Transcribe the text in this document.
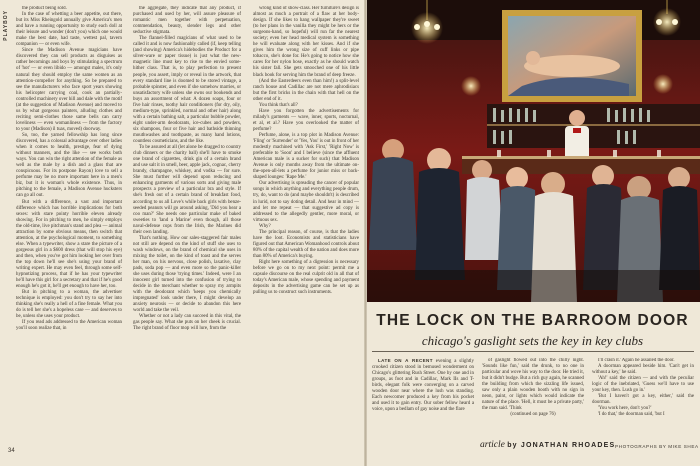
PLAYBOY

the product being sold.

In the case of whetting a beer appetite, out there, but its Miss Rheingold annually give America's men and have a running opportunity to study each doll at their leisure and wonder (don't you) which one would make the best date, had taste, wettest pal, tavern companion — or even wife.

Since the Madison Avenue magicians have discovered they can sell products as disguises as rather becomings and boys by stimulating a spectrum of 'hot' — or even libido — amongst males, it's only natural they should employ the same women as an attention-compeller for anything. So be prepared to see the manufacturers who face sport years showing his helicopter carrying coal, cook an partially-controlled machinery over hill and dale with the motif (at the suggestion of Madison Avenue) and moved to us by what gorgeous painters, alluding clothes and reciting semi-clothes those same bells can carry loveliness — even womanliness — from the factory to your (Madison) il tuas, moved) doorway.

So, too, the yarned fellowship has long since discovered, has a colossal advantage over other ladies when it comes to health, prestige, fear of dying without manners, and the like — see works both ways. You can win the right attention of the female as well as the male by a dish and a glass that are conspicuous. For its postpone Rayon) love to sell a perfume may be no more important here in a men's biz, but it is woman's whole existence. Thus, in pitching to the female, a Madison Avenue hucksters can go all out.

But with a difference, a vast and important difference which has horrible implications for both sexes: with stare pointy horrible eleven already showing. For in pitching to men, he simply employs the old-time, live pitchman's stand and plea — animal attraction by some obvious means, then switch that attention, at the psychological moment, to something else. When a typewriter, show a stare the picture of a gorgeous girl in a $600 dress (that will stop his eye) and then, when you've got him looking her over from the top down he'll see she's using your brand of writing expert. He may even feel, through some self-hypnotizing process, that if he has your typewriter he'll have this girl for a secretary and that if he's good enough he's got it, he'll get enough to have her, too.

But in pitching to a woman, the advertiser technique is employed: you don't try to say her into thinking she's really a hell of a fine female. What you do is tell her she's a hopeless case — and deserves to be, unless she uses your product.

If you read ads addressed to the American woman you'll soon realize that, in

the aggregate, they indicate that any product, if purchased and used by her, will assure pleasure of romantic men together with perpetuation, commendation, beauty, slender legs and other seductive stigmata.

The flannel-filled magicians of what used to be called it and is now fashionably called (if, keep telling (and showing) America's hidebodies the Product for a silver-ware or paper tissue) is just what the new-magnetic line must key to rise to the envied some-hither class. That is, to play perfection to present people, you assert, imply or reveal in the artwork, that every standard line is doomed to be stored vintage, a probable spinster, and even if she somehow marries, or unsatisfactory wife unless she owns our bookends and buys an assortment of what: A dozen soaps, four or five hair rinses, toothy hair conditioners (for dry, oily, medium-type, sprinkled, normal and other hair) along with a certain bathing salt, a particular bubble powder, eight under-arm deodorants, ice-cubes and powders, six shampoos, four or five hair and bathside thinning mouthwashes and toothpaste, as many hand lotions, countless cosmeticians, and the like.

To be assured at all (let alone be dragged to country club dinners or the charity ball) she'll have to smoke one brand of cigarettes, drink gin of a certain brand and use salt it in smell, beer, apple jack, cognac, cherry brandy, champagne, whiskey, and vodka — for sure. She must further will depend upon reducing and enhancing garments of various sorts and giving male prospects a preview of a particular bra and style. If she's fresh out of a certain brand of breakfast food, according to us all Love's while back girls with benze-seeded peanuts will go around asking, 'Did you hear a coo man?' She needs one particular make of baked sweeties to 'land a Marine' even though, all those naval-defense cops from the Irish, the Marines did their own landing.

That's nothing. How our sales-staggered fair males not still are depend on the kind of stuff she uses to wash windows, on the brand of chemical she uses in mixing the toilet, on the kind of toast and the serves her man, on his nervous, close polish, laxative, clay pads, soda pop — and even more so the panic-killer she uses during those 'trying times.' Indeed, were I an innocent girl turned into the confusion of trying to decide in the merchant whether to spray my armpits with the deodorant which 'keeps you chemically impregnated' look under there, I might develop an anxiety neurosis — or decide to abandon this here world and take the veil.

Whether or not a lady can succeed in this vital, the gas people say. What she puts on her cheek is crucial. The right brand of floor mop will lure, from the

wrong kind of show-class. Her furniture's design is almost as much a portrait of a flaw at her body-design. If she likes to hang wallpaper they're sweet (to her plans in the vanilla they might be hers or the surgeons-hand, so hopeful) will run far the nearest society; even her head medical system is something he will evaluate along with her kisses. And if she gives him the wrong size of cuff links or pipe tobacco, she's done for. He's going to notice how she cares for her nylon hose, exactly as he should watch his sister fall. She gets smooched one of his little black book for serving him the brand of deep freeze.

(And the Easterdeers even than him!) a split-level ranch house and Cadillac are not mere aphrodisiacs but the first bricks in the chain with that hell on the other end of it.

You think that's all?

Have you forgotten the advertisements for milady's garments — wave, inner, sports, nocturnal, et al, et al.? Have you overlooked the matter of perfume?

Perfume, alone, is a top plot in Madison Avenue: 'Fling' or 'Surrender' or 'Yes, You' is out in front of her modestly machined with 'Ask First,' 'Right Now' is preferable to 'Soon' and I believe (since the affluent American male is a sucker for such) that Madison Avenue is only months away from the ultimate on-the-open-all-lets a perfume for junior miss or back-shaped lounges: 'Rape Me.'

Our advertising is spreading the cancer of popular songs in which anything and everything people drum, try, do, want to do (and maybe shouldn't) is described in lurid, not to say doting detail. And hear in mind — and let me repeat — that suggestive ad copy is addressed to the allegedly gentler, more moral, or virtuous sex.

Why?

The principal reason, of course, is that the ladies have the loot. Economists and statisticians have figured out that American Womanhood controls about 80% of the capital wealth of the nation and does more than 80% of America's buying.

Right here something of a digression is necessary before we go on to my next point: permit me a capsule discourse on the real culprit old in all that of today's American male, whose spending and payment deposits in the advertising game can be set up as pulling us to construct such instruments.

34
THE LOCK ON THE BARROOM DOOR
chicago's gaslight sets the key in key clubs

LATE ON A RECENT evening a slightly crooked citizen stood in bemused wonderment on Chicago's glittering Rush Street. One by one and in groups, as foot and in Cadillac, Mark IIs and T-birds, elegant folk were converging on a carved wooden door near where the lush was standing. Each newcomer produced a key from his pocket and used it to gain entry. Our sober fellow heard a voice, upon a bedlam of gay noise and the flare

of gaslight flowed out into the chilly night. 'Sounds like fun,' said the drunk, to no one in particular and wove his way to the door. He tried it, but it didn't budge. But a rich guy again, he scanned the building from which the sizzling life issued, saw only a plain wooden booth with no sign in neon, paint, or lights which would indicate the nature of the place. 'Hell, it must be a private party,' the man said. 'Think

(continued on page 76)

I'll crash it.' Again he assailed the door.

A doorman appeared beside him. 'Can't get in without a key,' he said.

'Ah!' said the citizen — and with the peculiar logic of the inebriated, 'Guess we'll have to use your key, then. Lush go in.'

'But I haven't got a key, either,' said the doorman.

'You work here, don't you?'

'I do that,' the doorman said, 'but I

article by JONATHAN RHOADES PHOTOGRAPHS BY MIKE SHEA
